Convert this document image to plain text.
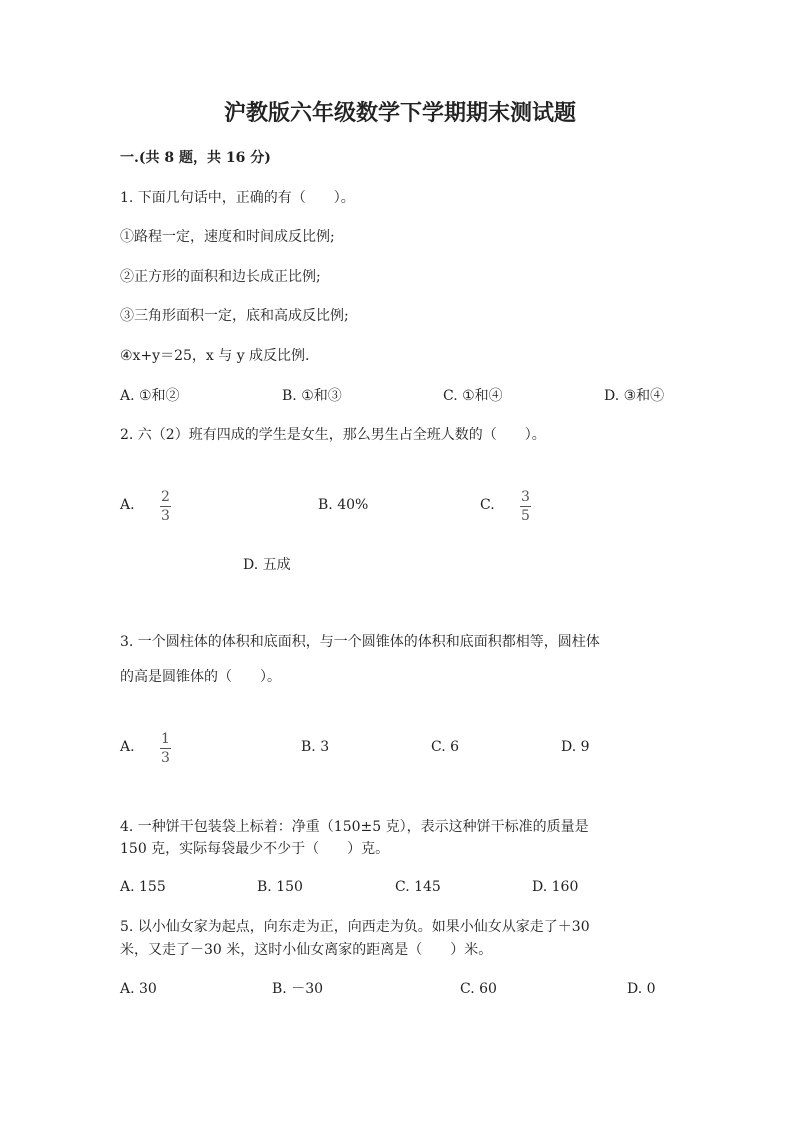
沪教版六年级数学下学期期末测试题
一.(共 8 题，共 16 分)
1. 下面几句话中，正确的有（　　）。
①路程一定，速度和时间成反比例;
②正方形的面积和边长成正比例;
③三角形面积一定，底和高成反比例;
④x+y＝25，x 与 y 成反比例.
A. ①和②	B. ①和③	C. ①和④	D. ③和④
2. 六（2）班有四成的学生是女生，那么男生占全班人数的（　　）。
A. 2
3
B. 40%	C. 3
5
D. 五成
3. 一个圆柱体的体积和底面积，与一个圆锥体的体积和底面积都相等，圆柱体
的高是圆锥体的（　　）。
A. 1
3
B. 3	C. 6	D. 9
4. 一种饼干包装袋上标着：净重（150±5 克），表示这种饼干标准的质量是
150 克，实际每袋最少不少于（　　）克。
A. 155	B. 150	C. 145	D. 160
5. 以小仙女家为起点，向东走为正，向西走为负。如果小仙女从家走了＋30
米，又走了－30 米，这时小仙女离家的距离是（　　）米。
A. 30	B. －30	C. 60	D. 0
